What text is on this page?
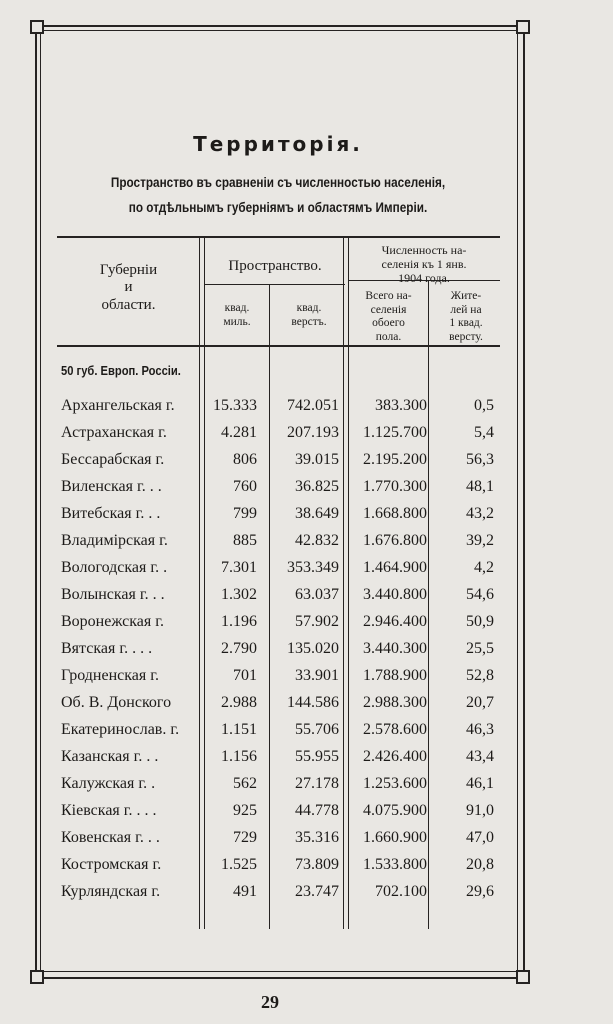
Территорія.
Пространство въ сравненіи съ численностью населенія,
по отдѣльнымъ губерніямъ и областямъ Имперіи.
Губерніи
и
области.
Пространство.
Численность на-
селенія къ 1 янв.
1904 года.
квад.
миль.
квад.
верстъ.
Всего на-
селенія
обоего
пола.
Жите-
лей на
1 квад.
версту.
50 губ. Европ. Россіи.
Архангельская г. 15.333 742.051 383.300	0,5
Астраханская г.	4.281 207.193 1.125.700	5,4
Бессарабская г.	806 39.015 2.195.200 56,3
Виленская г. . .	760 36.825 1.770.300 48,1
Витебская г. . .	799 38.649 1.668.800 43,2
Владимірская г.	885 42.832 1.676.800 39,2
Вологодская г. .	7.301 353.349 1.464.900	4,2
Волынская г. . .	1.302 63.037 3.440.800 54,6
Воронежская г.	1.196 57.902 2.946.400 50,9
Вятская г. . . .	2.790 135.020 3.440.300 25,5
Гродненская г.	701 33.901 1.788.900 52,8
Об. В. Донского	2.988 144.586 2.988.300 20,7
Екатеринослав. г.	1.151 55.706 2.578.600 46,3
Казанская г. . .	1.156 55.955 2.426.400 43,4
Калужская г. .	562 27.178 1.253.600 46,1
Кіевская г. . . .	925 44.778 4.075.900 91,0
Ковенская г. . .	729 35.316 1.660.900 47,0
Костромская г.	1.525 73.809 1.533.800 20,8
Курляндская г.	491 23.747 702.100 29,6
29
